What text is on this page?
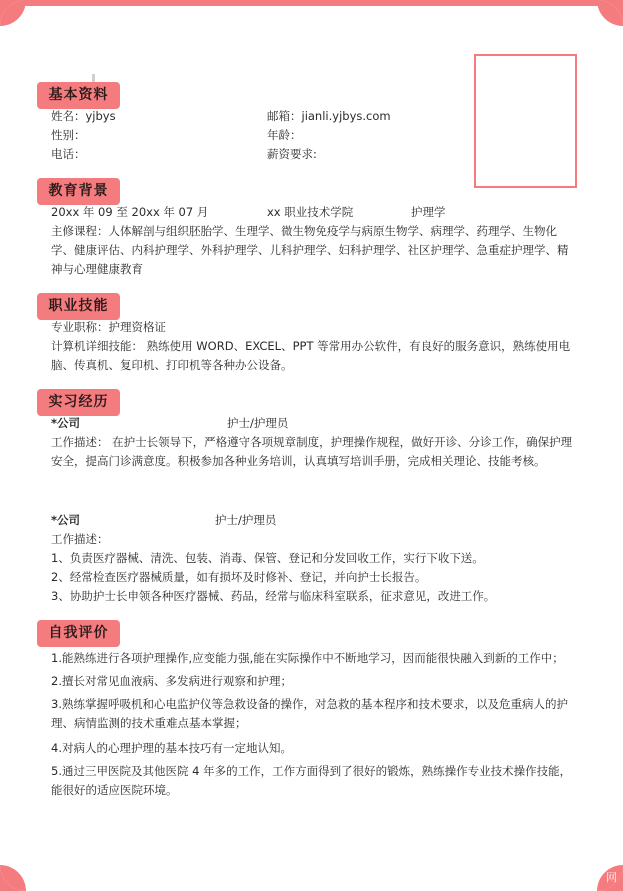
基本资料
姓名：yjbys	邮箱：jianli.yjbys.com
性别：	年龄：
电话：	薪资要求:
教育背景
20xx 年 09 至 20xx 年 07 月	xx 职业技术学院	护理学
主修课程：人体解剖与组织胚胎学、生理学、微生物免疫学与病原生物学、病理学、药理学、生物化学、健康评估、内科护理学、外科护理学、儿科护理学、妇科护理学、社区护理学、急重症护理学、精神与心理健康教育
职业技能
专业职称：护理资格证
计算机详细技能： 熟练使用 WORD、EXCEL、PPT 等常用办公软件，有良好的服务意识，熟练使用电脑、传真机、复印机、打印机等各种办公设备。
实习经历
*公司	护士/护理员
工作描述： 在护士长领导下，严格遵守各项规章制度，护理操作规程，做好开诊、分诊工作，确保护理安全，提高门诊满意度。积极参加各种业务培训，认真填写培训手册，完成相关理论、技能考核。
*公司	护士/护理员
工作描述：
1、负责医疗器械、清洗、包装、消毒、保管、登记和分发回收工作，实行下收下送。
2、经常检查医疗器械质量，如有损坏及时修补、登记，并向护士长报告。
3、协助护士长申领各种医疗器械、药品，经常与临床科室联系，征求意见，改进工作。
自我评价
1.能熟练进行各项护理操作,应变能力强,能在实际操作中不断地学习，因而能很快融入到新的工作中；
2.擅长对常见血液病、多发病进行观察和护理；
3.熟练掌握呼吸机和心电监护仪等急救设备的操作，对急救的基本程序和技术要求，以及危重病人的护理、病情监测的技术重难点基本掌握；
4.对病人的心理护理的基本技巧有一定地认知。
5.通过三甲医院及其他医院 4 年多的工作，工作方面得到了很好的锻炼，熟练操作专业技术操作技能，能很好的适应医院环境。
网
